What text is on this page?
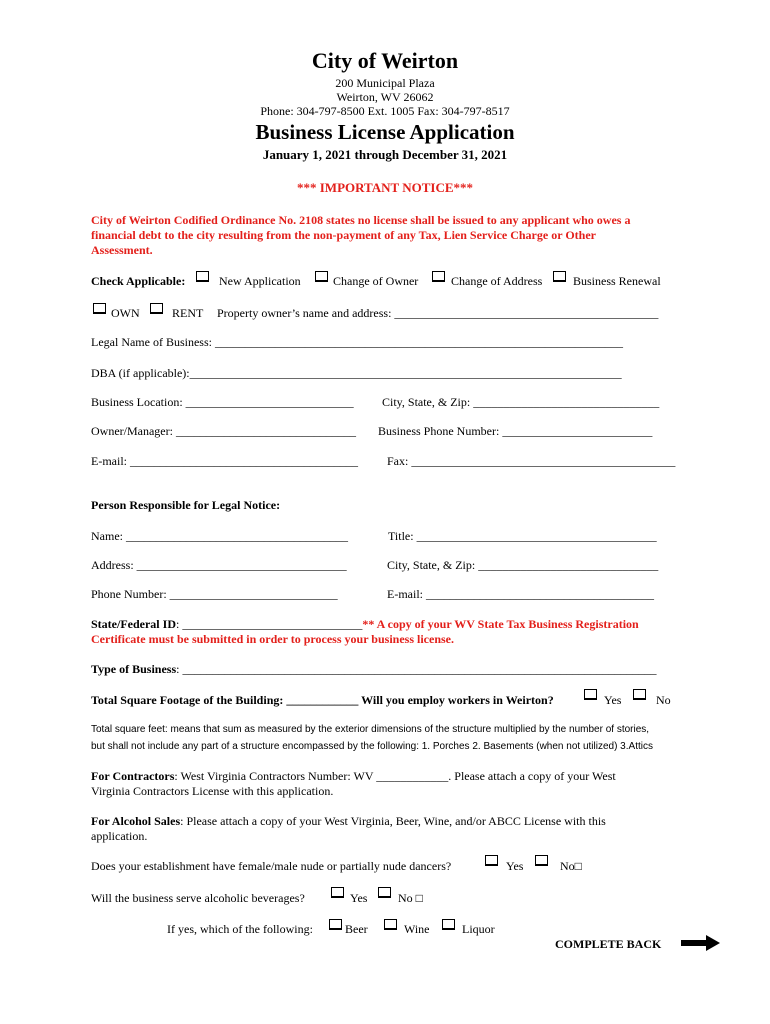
City of Weirton
200 Municipal Plaza
Weirton, WV 26062
Phone: 304-797-8500 Ext. 1005 Fax: 304-797-8517
Business License Application
January 1, 2021 through December 31, 2021
*** IMPORTANT NOTICE***
City of Weirton Codified Ordinance No. 2108 states no license shall be issued to any applicant who owes a
financial debt to the city resulting from the non-payment of any Tax, Lien Service Charge or Other
Assessment.
Check Applicable:	New Application	Change of Owner	Change of Address	Business Renewal
OWN	RENT Property owner’s name and address: ____________________________________________
Legal Name of Business: ____________________________________________________________________
DBA (if applicable):________________________________________________________________________
Business Location: ____________________________ City, State, & Zip: _______________________________
Owner/Manager: ______________________________ Business Phone Number: _________________________
E-mail: ______________________________________ Fax: ____________________________________________
Person Responsible for Legal Notice:
Name: _____________________________________	Title: ________________________________________
Address: ___________________________________	City, State, & Zip: ______________________________
Phone Number: ____________________________	E-mail: ______________________________________
State/Federal ID: ______________________________** A copy of your WV State Tax Business Registration
Certificate must be submitted in order to process your business license.
Type of Business: _______________________________________________________________________________
Total Square Footage of the Building: ____________ Will you employ workers in Weirton?	Yes	No
Total square feet: means that sum as measured by the exterior dimensions of the structure multiplied by the number of stories,
but shall not include any part of a structure encompassed by the following: 1. Porches 2. Basements (when not utilized) 3.Attics
For Contractors: West Virginia Contractors Number: WV ____________. Please attach a copy of your West
Virginia Contractors License with this application.
For Alcohol Sales: Please attach a copy of your West Virginia, Beer, Wine, and/or ABCC License with this
application.
Does your establishment have female/male nude or partially nude dancers?	Yes	No□
Will the business serve alcoholic beverages?	Yes	No □
If yes, which of the following:	Beer	Wine	Liquor
COMPLETE BACK
